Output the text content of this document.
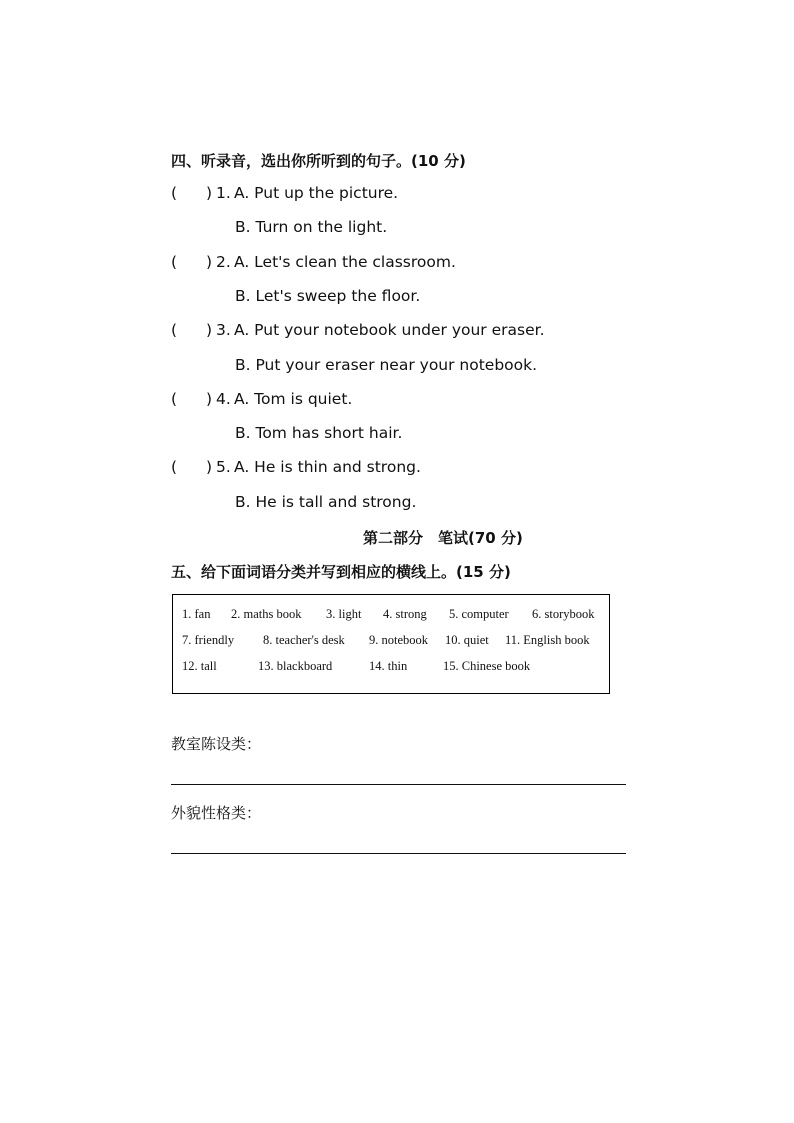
四、听录音，选出你所听到的句子。(10 分)
( ) 1. A. Put up the picture.
B. Turn on the light.
( ) 2. A. Let's clean the classroom.
B. Let's sweep the floor.
( ) 3. A. Put your notebook under your eraser.
B. Put your eraser near your notebook.
( ) 4. A. Tom is quiet.
B. Tom has short hair.
( ) 5. A. He is thin and strong.
B. He is tall and strong.
第二部分　笔试(70 分)
五、给下面词语分类并写到相应的横线上。(15 分)
1. fan 2. maths book 3. light 4. strong 5. computer 6. storybook
7. friendly 8. teacher's desk 9. notebook 10. quiet 11. English book
12. tall	13. blackboard	14. thin	15. Chinese book
教室陈设类：
外貌性格类：
